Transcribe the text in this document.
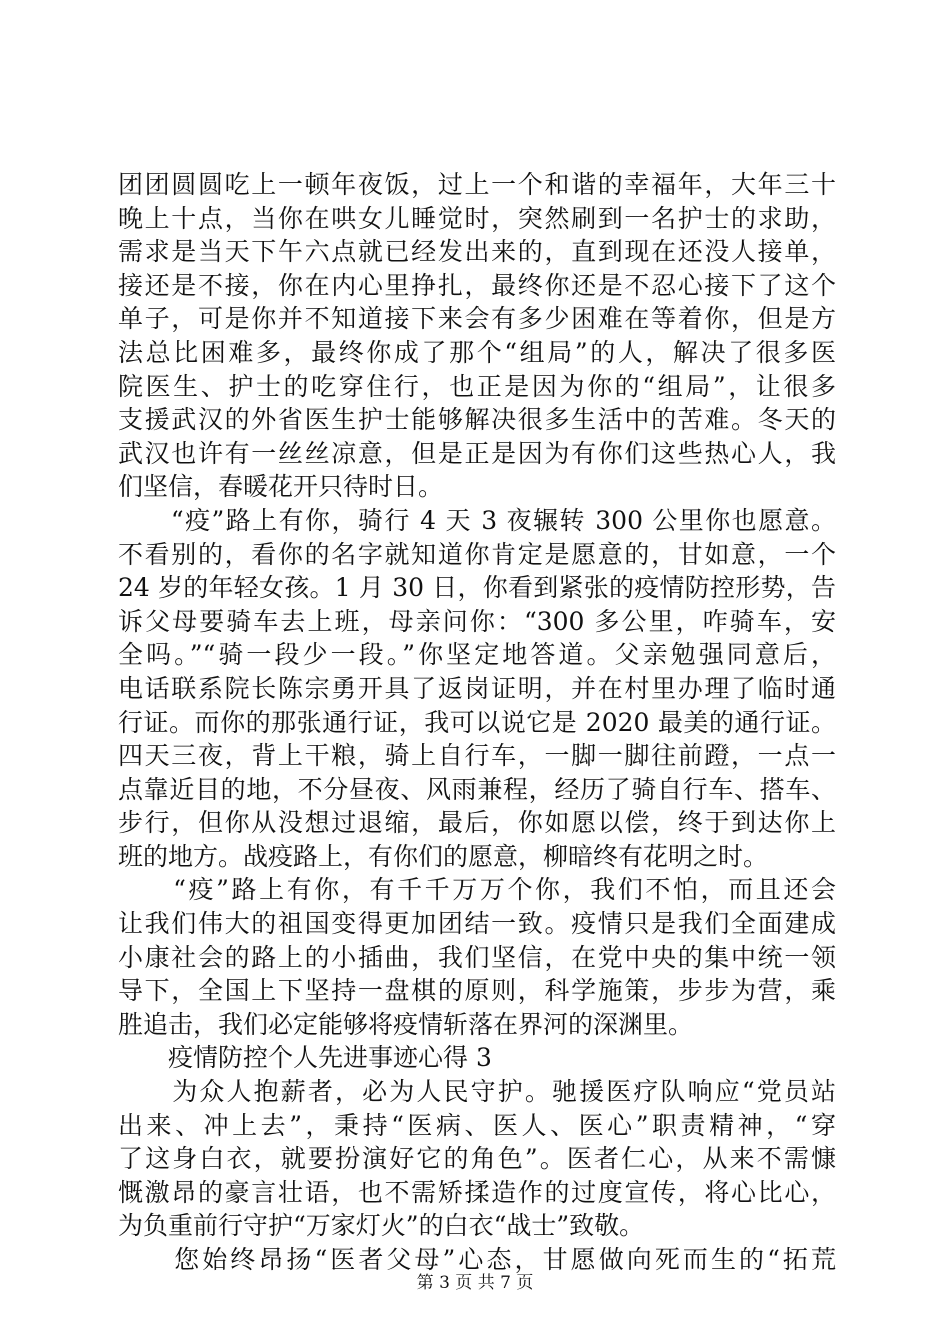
团团圆圆吃上一顿年夜饭，过上一个和谐的幸福年，大年三十
晚上十点，当你在哄女儿睡觉时，突然刷到一名护士的求助，
需求是当天下午六点就已经发出来的，直到现在还没人接单，
接还是不接，你在内心里挣扎，最终你还是不忍心接下了这个
单子，可是你并不知道接下来会有多少困难在等着你，但是方
法总比困难多，最终你成了那个“组局”的人，解决了很多医
院医生、护士的吃穿住行，也正是因为你的“组局”，让很多
支援武汉的外省医生护士能够解决很多生活中的苦难。冬天的
武汉也许有一丝丝凉意，但是正是因为有你们这些热心人，我
们坚信，春暖花开只待时日。
　　“疫”路上有你，骑行 4 天 3 夜辗转 300 公里你也愿意。
不看别的，看你的名字就知道你肯定是愿意的，甘如意，一个
24 岁的年轻女孩。1 月 30 日，你看到紧张的疫情防控形势，告
诉父母要骑车去上班，母亲问你：“300 多公里，咋骑车，安
全吗。”“骑一段少一段。”你坚定地答道。父亲勉强同意后，
电话联系院长陈宗勇开具了返岗证明，并在村里办理了临时通
行证。而你的那张通行证，我可以说它是 2020 最美的通行证。
四天三夜，背上干粮，骑上自行车，一脚一脚往前蹬，一点一
点靠近目的地，不分昼夜、风雨兼程，经历了骑自行车、搭车、
步行，但你从没想过退缩，最后，你如愿以偿，终于到达你上
班的地方。战疫路上，有你们的愿意，柳暗终有花明之时。
　　“疫”路上有你，有千千万万个你，我们不怕，而且还会
让我们伟大的祖国变得更加团结一致。疫情只是我们全面建成
小康社会的路上的小插曲，我们坚信，在党中央的集中统一领
导下，全国上下坚持一盘棋的原则，科学施策，步步为营，乘
胜追击，我们必定能够将疫情斩落在界河的深渊里。
　　疫情防控个人先进事迹心得 3
　　为众人抱薪者，必为人民守护。驰援医疗队响应“党员站
出来、冲上去”，秉持“医病、医人、医心”职责精神，“穿
了这身白衣，就要扮演好它的角色”。医者仁心，从来不需慷
慨激昂的豪言壮语，也不需矫揉造作的过度宣传，将心比心，
为负重前行守护“万家灯火”的白衣“战士”致敬。
　　您始终昂扬“医者父母”心态，甘愿做向死而生的“拓荒
第 3 页 共 7 页
